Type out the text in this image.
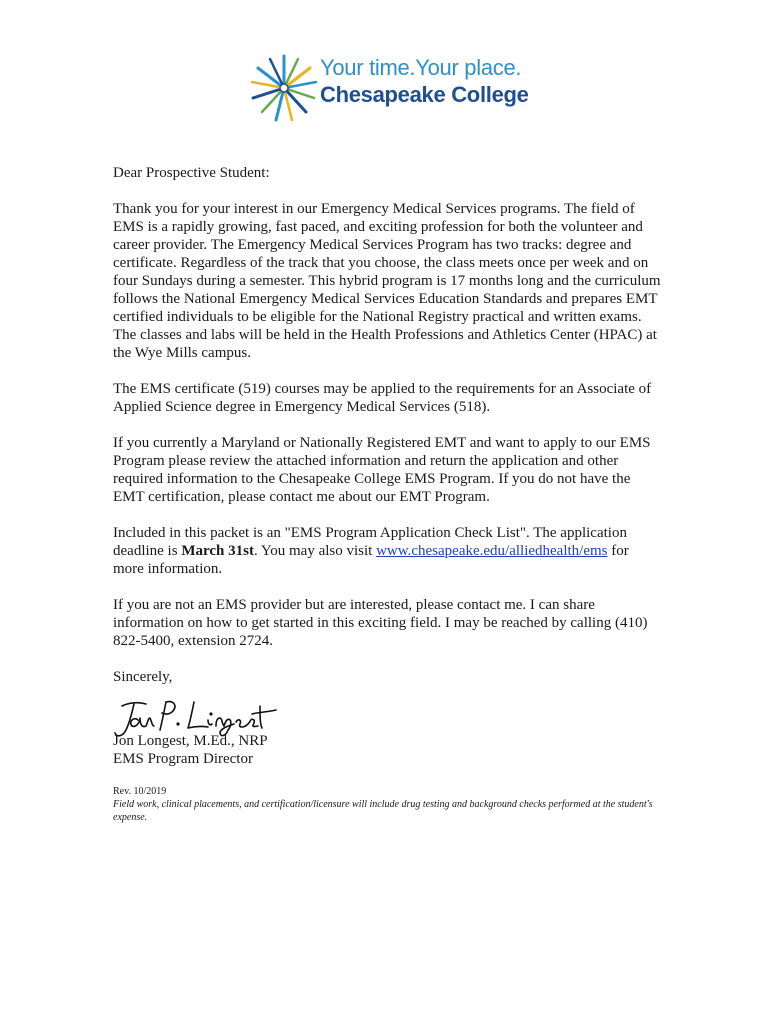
Your time.Your place.
Chesapeake College

Dear Prospective Student:

Thank you for your interest in our Emergency Medical Services programs. The field of EMS is a rapidly growing, fast paced, and exciting profession for both the volunteer and career provider. The Emergency Medical Services Program has two tracks: degree and certificate. Regardless of the track that you choose, the class meets once per week and on four Sundays during a semester. This hybrid program is 17 months long and the curriculum follows the National Emergency Medical Services Education Standards and prepares EMT certified individuals to be eligible for the National Registry practical and written exams. The classes and labs will be held in the Health Professions and Athletics Center (HPAC) at the Wye Mills campus.

The EMS certificate (519) courses may be applied to the requirements for an Associate of Applied Science degree in Emergency Medical Services (518).

If you currently a Maryland or Nationally Registered EMT and want to apply to our EMS Program please review the attached information and return the application and other required information to the Chesapeake College EMS Program. If you do not have the EMT certification, please contact me about our EMT Program.

Included in this packet is an "EMS Program Application Check List". The application deadline is March 31st. You may also visit www.chesapeake.edu/alliedhealth/ems for more information.

If you are not an EMS provider but are interested, please contact me. I can share information on how to get started in this exciting field. I may be reached by calling (410) 822-5400, extension 2724.

Sincerely,

Jon Longest, M.Ed., NRP

EMS Program Director

Rev. 10/2019

Field work, clinical placements, and certification/licensure will include drug testing and background checks performed at the student's expense.
